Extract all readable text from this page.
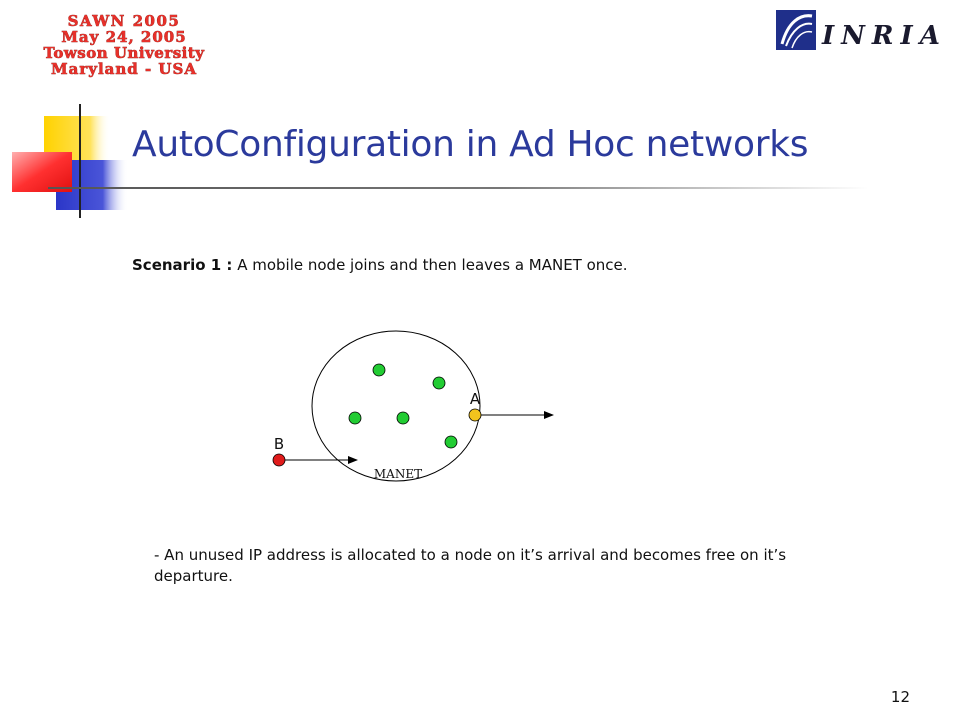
SAWN 2005
May 24, 2005
Towson University
Maryland - USA
INRIA
AutoConfiguration in Ad Hoc networks

Scenario 1 : A mobile node joins and then leaves a MANET once.

MANET
A
B

- An unused IP address is allocated to a node on it’s arrival and becomes free on it’s departure.

12
